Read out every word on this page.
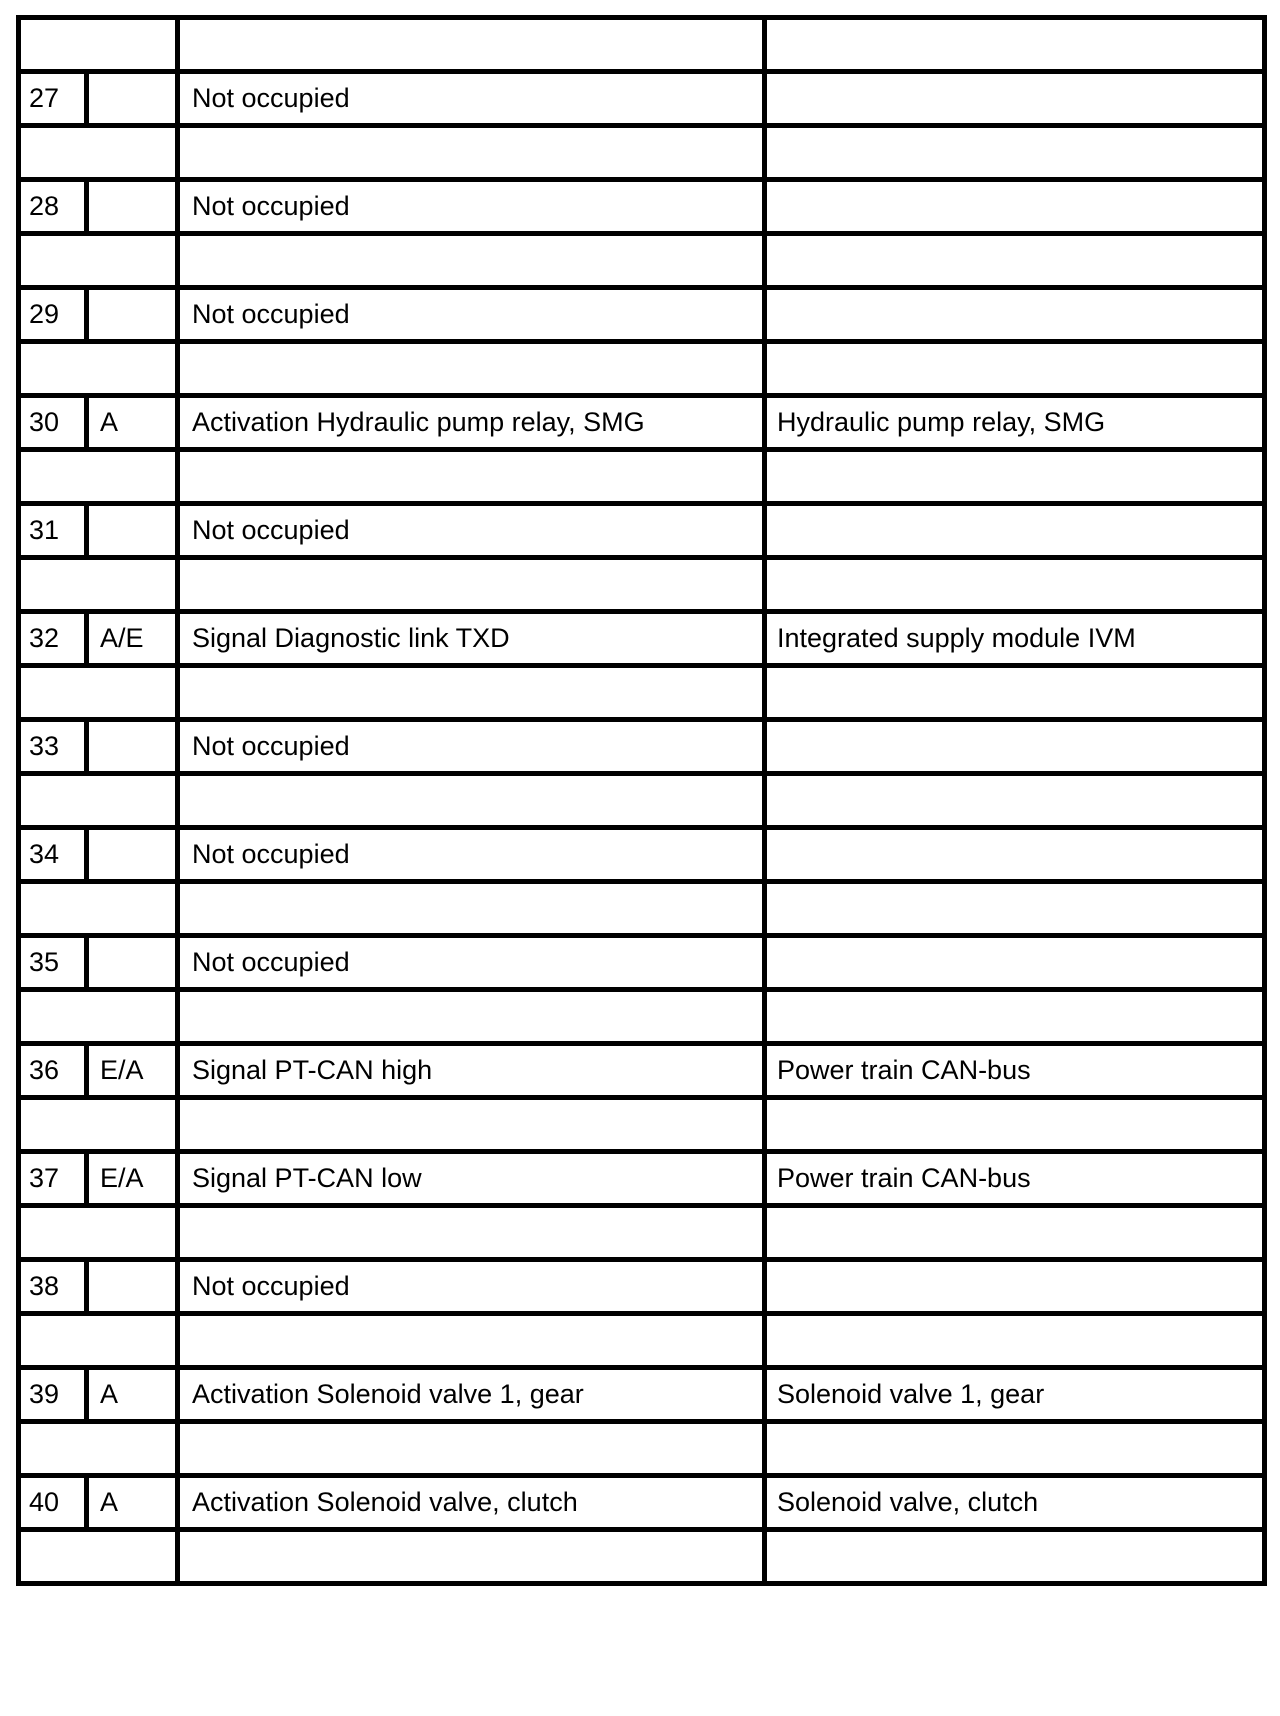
27		Not occupied	

28		Not occupied	

29		Not occupied	

30	A	Activation Hydraulic pump relay, SMG	Hydraulic pump relay, SMG

31		Not occupied	

32	A/E	Signal Diagnostic link TXD	Integrated supply module IVM

33		Not occupied	

34		Not occupied	

35		Not occupied	

36	E/A	Signal PT-CAN high	Power train CAN-bus

37	E/A	Signal PT-CAN low	Power train CAN-bus

38		Not occupied	

39	A	Activation Solenoid valve 1, gear	Solenoid valve 1, gear

40	A	Activation Solenoid valve, clutch	Solenoid valve, clutch
